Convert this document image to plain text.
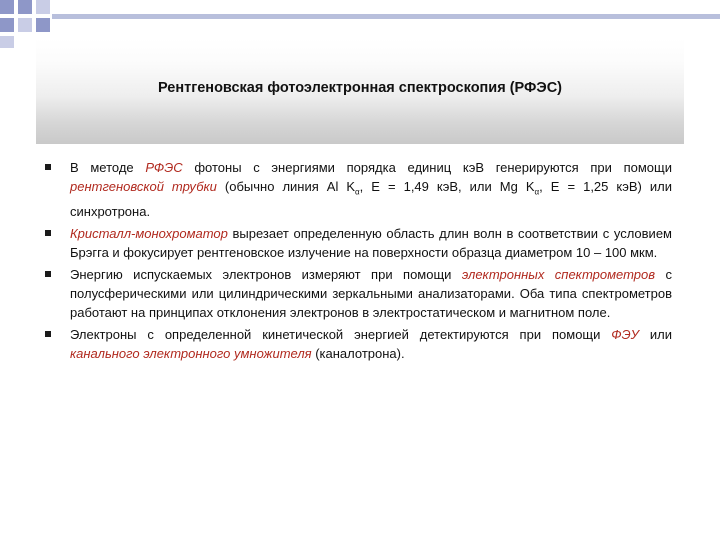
Рентгеновская фотоэлектронная спектроскопия (РФЭС)
В методе РФЭС фотоны с энергиями порядка единиц кэВ генерируются при помощи рентгеновской трубки (обычно линия Al $K_\alpha$, E = 1,49 кэВ, или Mg $K_\alpha$, E = 1,25 кэВ) или синхротрона.
Кристалл-монохроматор вырезает определенную область длин волн в соответствии с условием Брэгга и фокусирует рентгеновское излучение на поверхности образца диаметром 10 – 100 мкм.
Энергию испускаемых электронов измеряют при помощи электронных спектрометров с полусферическими или цилиндрическими зеркальными анализаторами. Оба типа спектрометров работают на принципах отклонения электронов в электростатическом и магнитном поле.
Электроны с определенной кинетической энергией детектируются при помощи ФЭУ или канального электронного умножителя (каналотрона).
